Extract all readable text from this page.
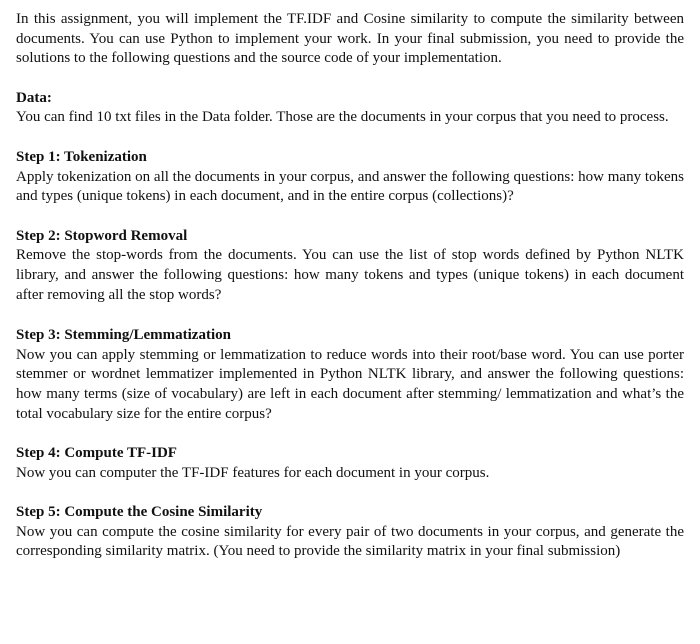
In this assignment, you will implement the TF.IDF and Cosine similarity to compute the similarity between documents. You can use Python to implement your work. In your final submission, you need to provide the solutions to the following questions and the source code of your implementation.

Data:

You can find 10 txt files in the Data folder. Those are the documents in your corpus that you need to process.

Step 1: Tokenization

Apply tokenization on all the documents in your corpus, and answer the following questions: how many tokens and types (unique tokens) in each document, and in the entire corpus (collections)?

Step 2: Stopword Removal

Remove the stop-words from the documents. You can use the list of stop words defined by Python NLTK library, and answer the following questions: how many tokens and types (unique tokens) in each document after removing all the stop words?

Step 3: Stemming/Lemmatization

Now you can apply stemming or lemmatization to reduce words into their root/base word. You can use porter stemmer or wordnet lemmatizer implemented in Python NLTK library, and answer the following questions: how many terms (size of vocabulary) are left in each document after stemming/ lemmatization and what’s the total vocabulary size for the entire corpus?

Step 4: Compute TF-IDF

Now you can computer the TF-IDF features for each document in your corpus.

Step 5: Compute the Cosine Similarity

Now you can compute the cosine similarity for every pair of two documents in your corpus, and generate the corresponding similarity matrix. (You need to provide the similarity matrix in your final submission)
